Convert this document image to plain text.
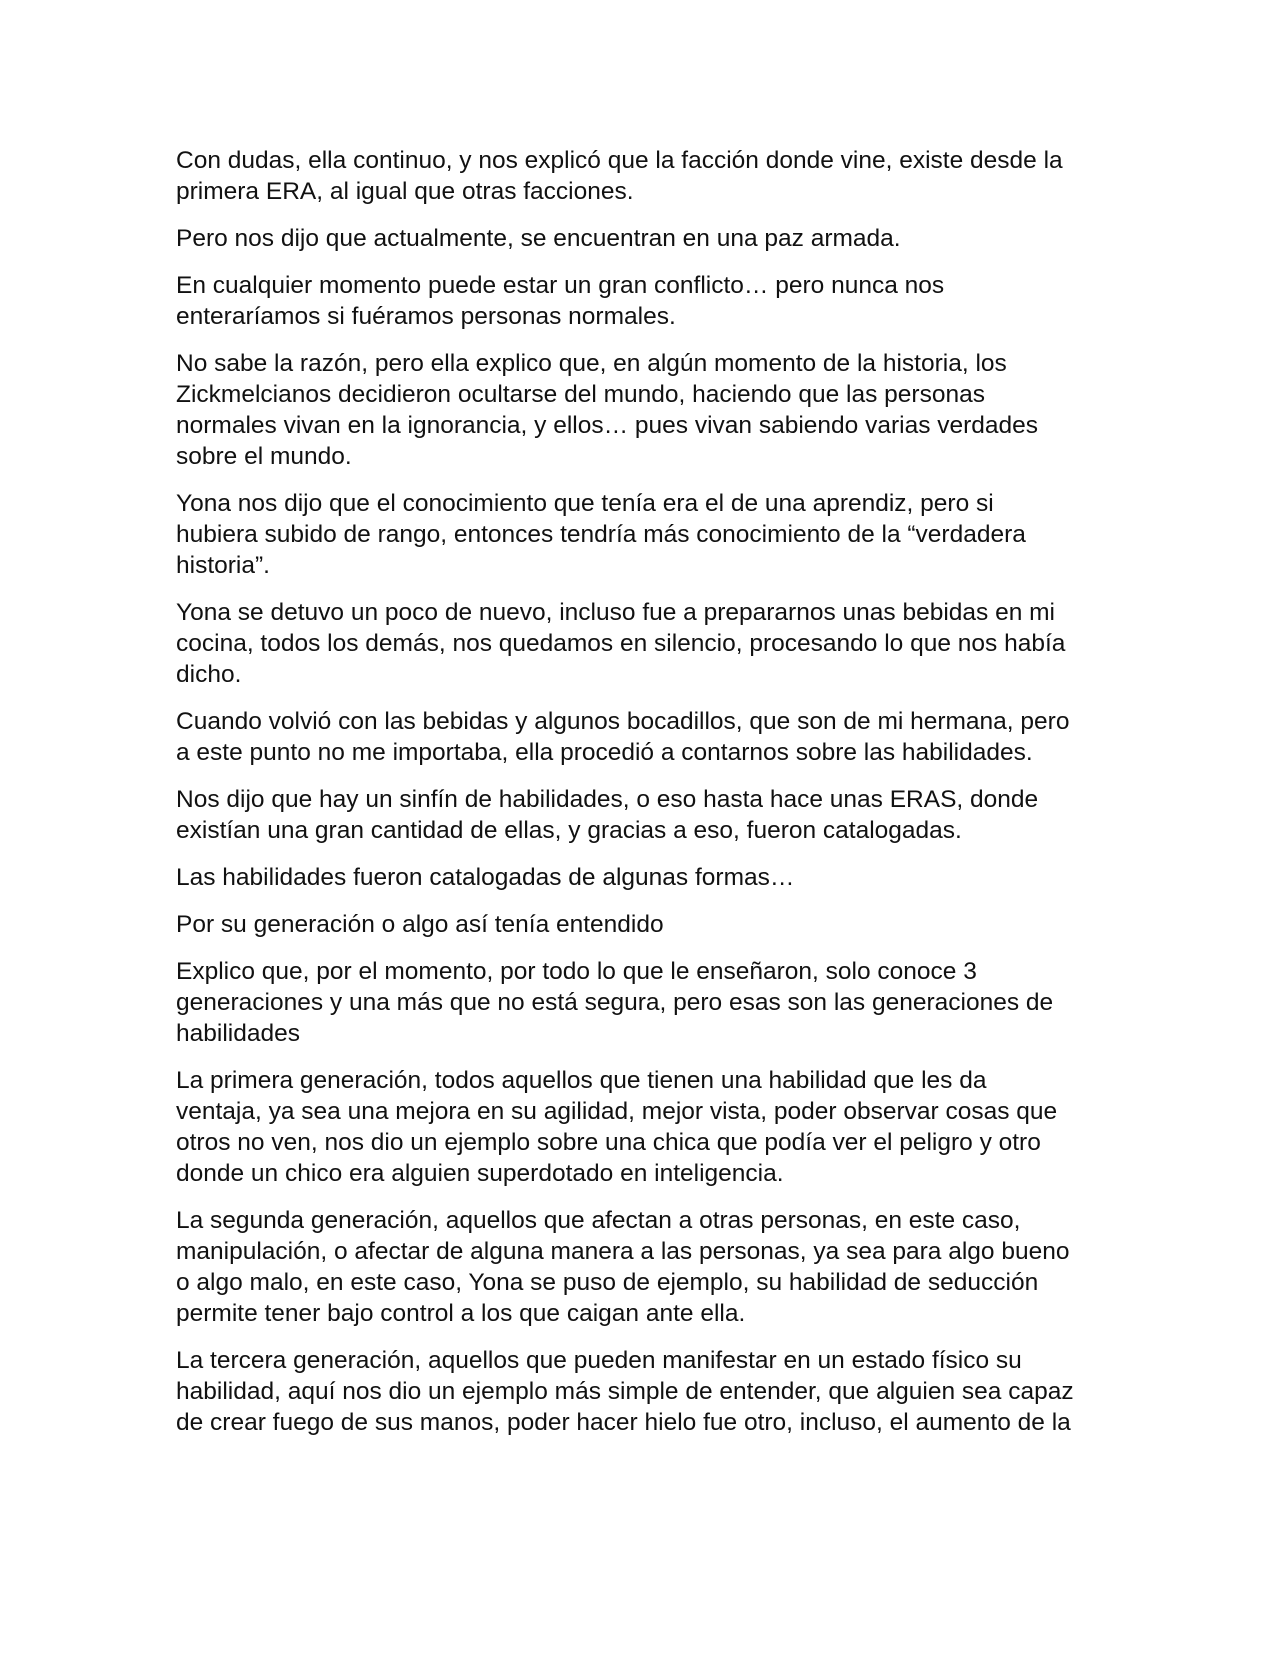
Con dudas, ella continuo, y nos explicó que la facción donde vine, existe desde la
primera ERA, al igual que otras facciones.

Pero nos dijo que actualmente, se encuentran en una paz armada.

En cualquier momento puede estar un gran conflicto… pero nunca nos
enteraríamos si fuéramos personas normales.

No sabe la razón, pero ella explico que, en algún momento de la historia, los
Zickmelcianos decidieron ocultarse del mundo, haciendo que las personas
normales vivan en la ignorancia, y ellos… pues vivan sabiendo varias verdades
sobre el mundo.

Yona nos dijo que el conocimiento que tenía era el de una aprendiz, pero si
hubiera subido de rango, entonces tendría más conocimiento de la “verdadera
historia”.

Yona se detuvo un poco de nuevo, incluso fue a prepararnos unas bebidas en mi
cocina, todos los demás, nos quedamos en silencio, procesando lo que nos había
dicho.

Cuando volvió con las bebidas y algunos bocadillos, que son de mi hermana, pero
a este punto no me importaba, ella procedió a contarnos sobre las habilidades.

Nos dijo que hay un sinfín de habilidades, o eso hasta hace unas ERAS, donde
existían una gran cantidad de ellas, y gracias a eso, fueron catalogadas.

Las habilidades fueron catalogadas de algunas formas…

Por su generación o algo así tenía entendido

Explico que, por el momento, por todo lo que le enseñaron, solo conoce 3
generaciones y una más que no está segura, pero esas son las generaciones de
habilidades

La primera generación, todos aquellos que tienen una habilidad que les da
ventaja, ya sea una mejora en su agilidad, mejor vista, poder observar cosas que
otros no ven, nos dio un ejemplo sobre una chica que podía ver el peligro y otro
donde un chico era alguien superdotado en inteligencia.

La segunda generación, aquellos que afectan a otras personas, en este caso,
manipulación, o afectar de alguna manera a las personas, ya sea para algo bueno
o algo malo, en este caso, Yona se puso de ejemplo, su habilidad de seducción
permite tener bajo control a los que caigan ante ella.

La tercera generación, aquellos que pueden manifestar en un estado físico su
habilidad, aquí nos dio un ejemplo más simple de entender, que alguien sea capaz
de crear fuego de sus manos, poder hacer hielo fue otro, incluso, el aumento de la
